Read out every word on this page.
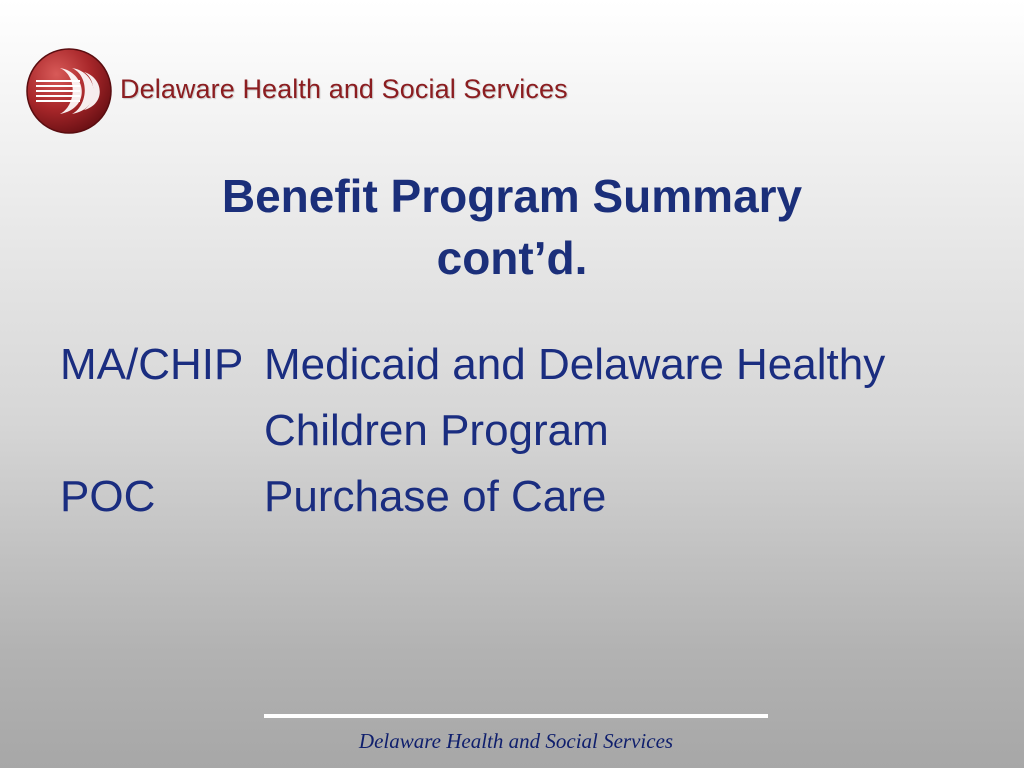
Delaware Health and Social Services
Benefit Program Summary
cont’d.
MA/CHIP Medicaid and Delaware Healthy
Children Program
POC	Purchase of Care
Delaware Health and Social Services
